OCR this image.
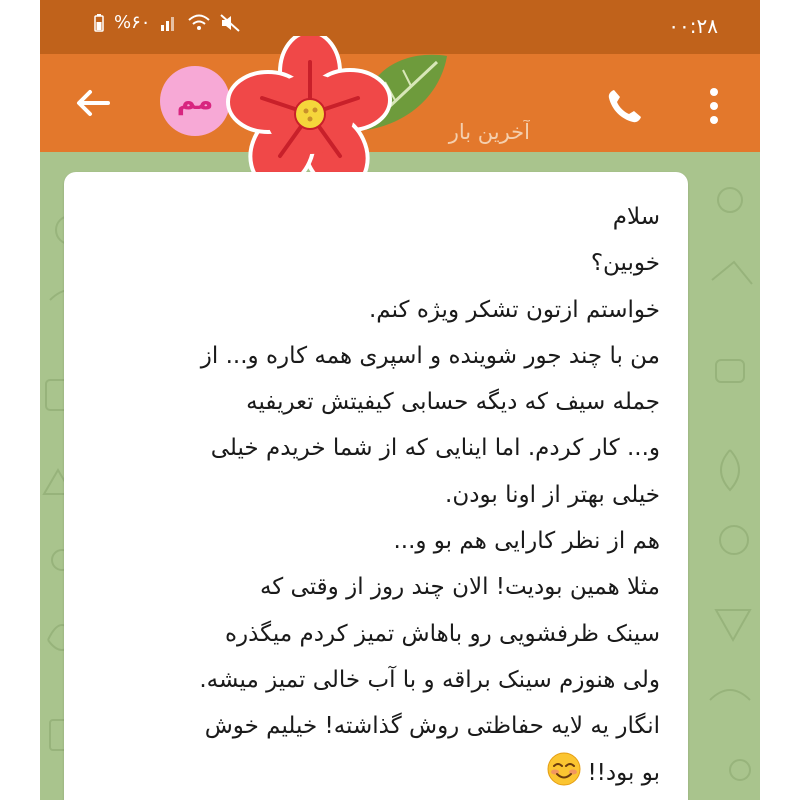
%۶۰	۰۰:۲۸
مم
آخرین بار
سلام
خوبین؟
خواستم ازتون تشکر ویژه کنم.
من با چند جور شوینده و اسپری همه کاره و... از
جمله سیف که دیگه حسابی کیفیتش تعریفیه
و... کار کردم. اما اینایی که از شما خریدم خیلی
خیلی بهتر از اونا بودن.
هم از نظر کارایی هم بو و...
مثلا همین بودیت! الان چند روز از وقتی که
سینک ظرفشویی رو باهاش تمیز کردم میگذره
ولی هنوزم سینک براقه و با آب خالی تمیز میشه.
انگار یه لایه حفاظتی روش گذاشته! خیلیم خوش
بو بود!!
